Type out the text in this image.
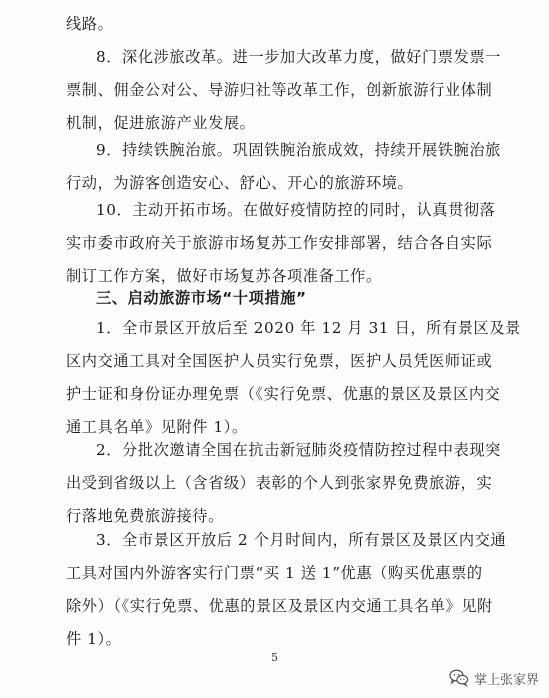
线路。

8．深化涉旅改革。进一步加大改革力度，做好门票发票一
票制、佣金公对公、导游归社等改革工作，创新旅游行业体制
机制，促进旅游产业发展。

9．持续铁腕治旅。巩固铁腕治旅成效，持续开展铁腕治旅
行动，为游客创造安心、舒心、开心的旅游环境。

10．主动开拓市场。在做好疫情防控的同时，认真贯彻落
实市委市政府关于旅游市场复苏工作安排部署，结合各自实际
制订工作方案，做好市场复苏各项准备工作。

三、启动旅游市场“十项措施”

1．全市景区开放后至 2020 年 12 月 31 日，所有景区及景
区内交通工具对全国医护人员实行免票，医护人员凭医师证或
护士证和身份证办理免票（《实行免票、优惠的景区及景区内交
通工具名单》见附件 1）。

2．分批次邀请全国在抗击新冠肺炎疫情防控过程中表现突
出受到省级以上（含省级）表彰的个人到张家界免费旅游，实
行落地免费旅游接待。

3．全市景区开放后 2 个月时间内，所有景区及景区内交通
工具对国内外游客实行门票“买 1 送 1”优惠（购买优惠票的
除外）（《实行免票、优惠的景区及景区内交通工具名单》见附
件 1）。

5
掌上张家界
